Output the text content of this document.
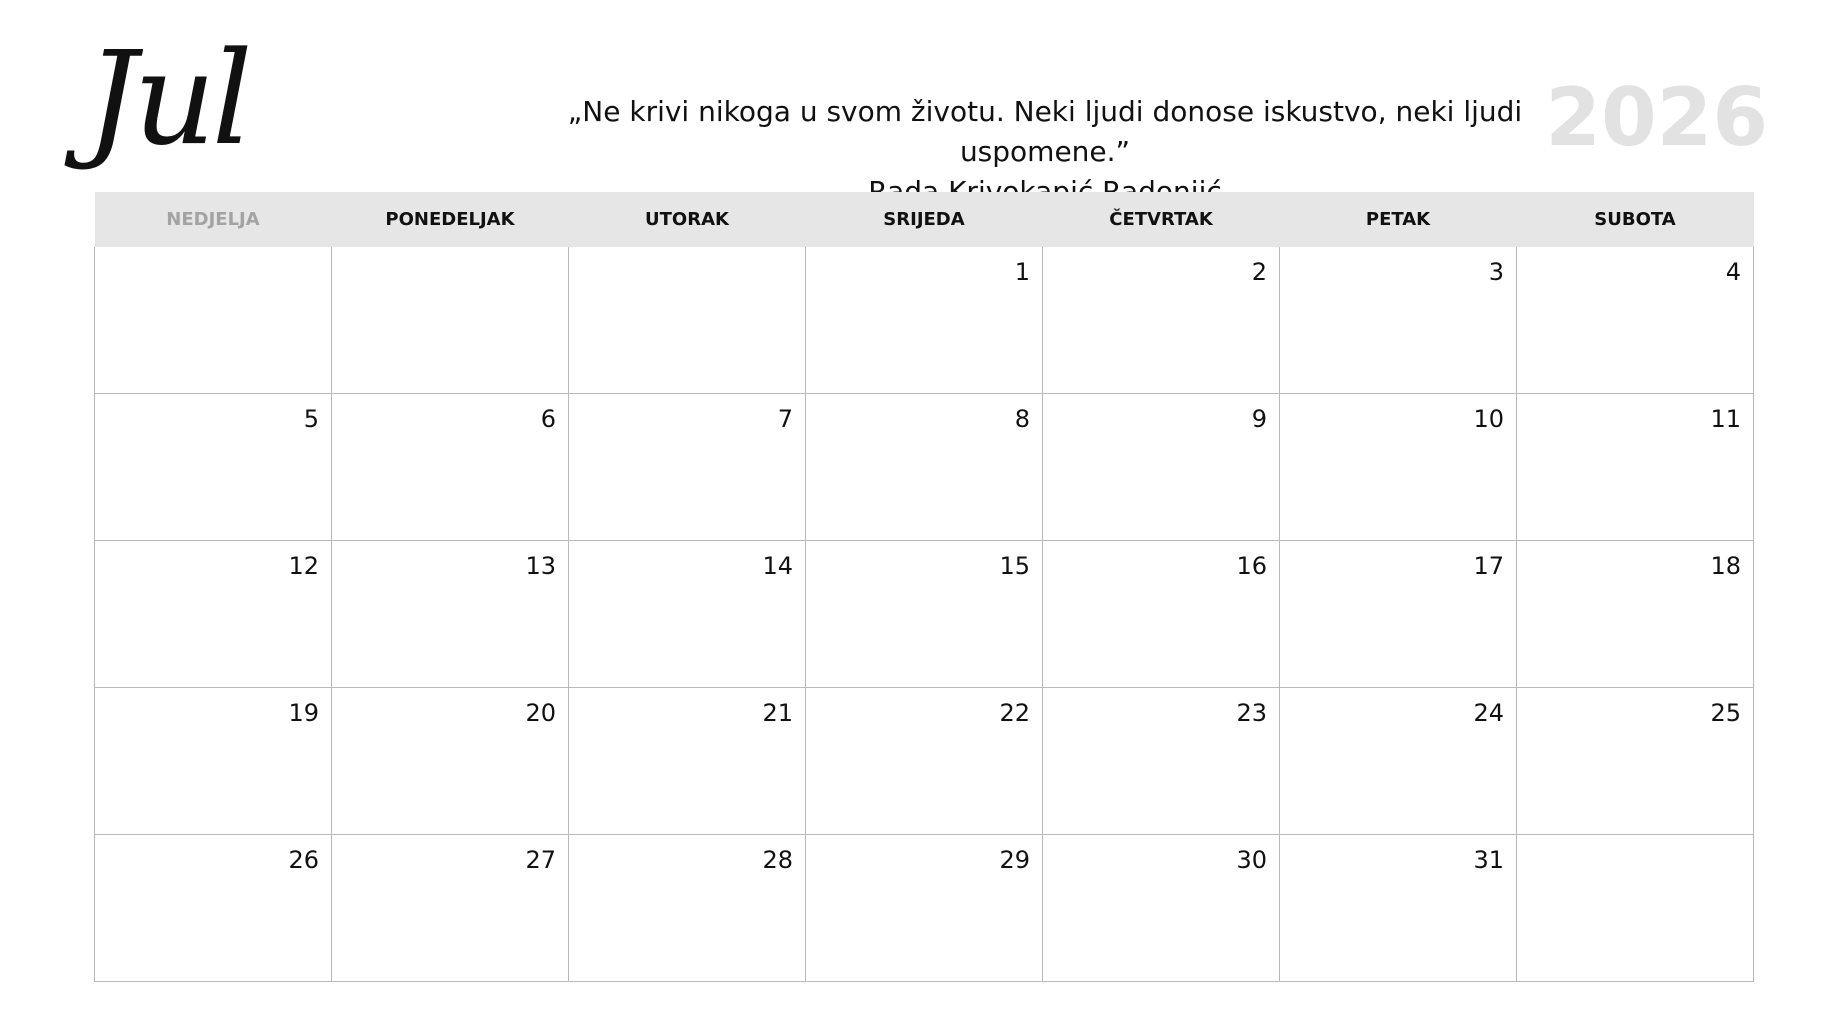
Jul	„Ne krivi nikoga u svom životu. Neki ljudi donose iskustvo, neki ljudi uspomene.”	2026
NEDJELJA	PONEDELJAK	UTORAK	SRIJEDA	ČETVRTAK	PETAK	SUBOTA
			1	2	3	4
5	6	7	8	9	10	11
12	13	14	15	16	17	18
19	20	21	22	23	24	25
26	27	28	29	30	31	
